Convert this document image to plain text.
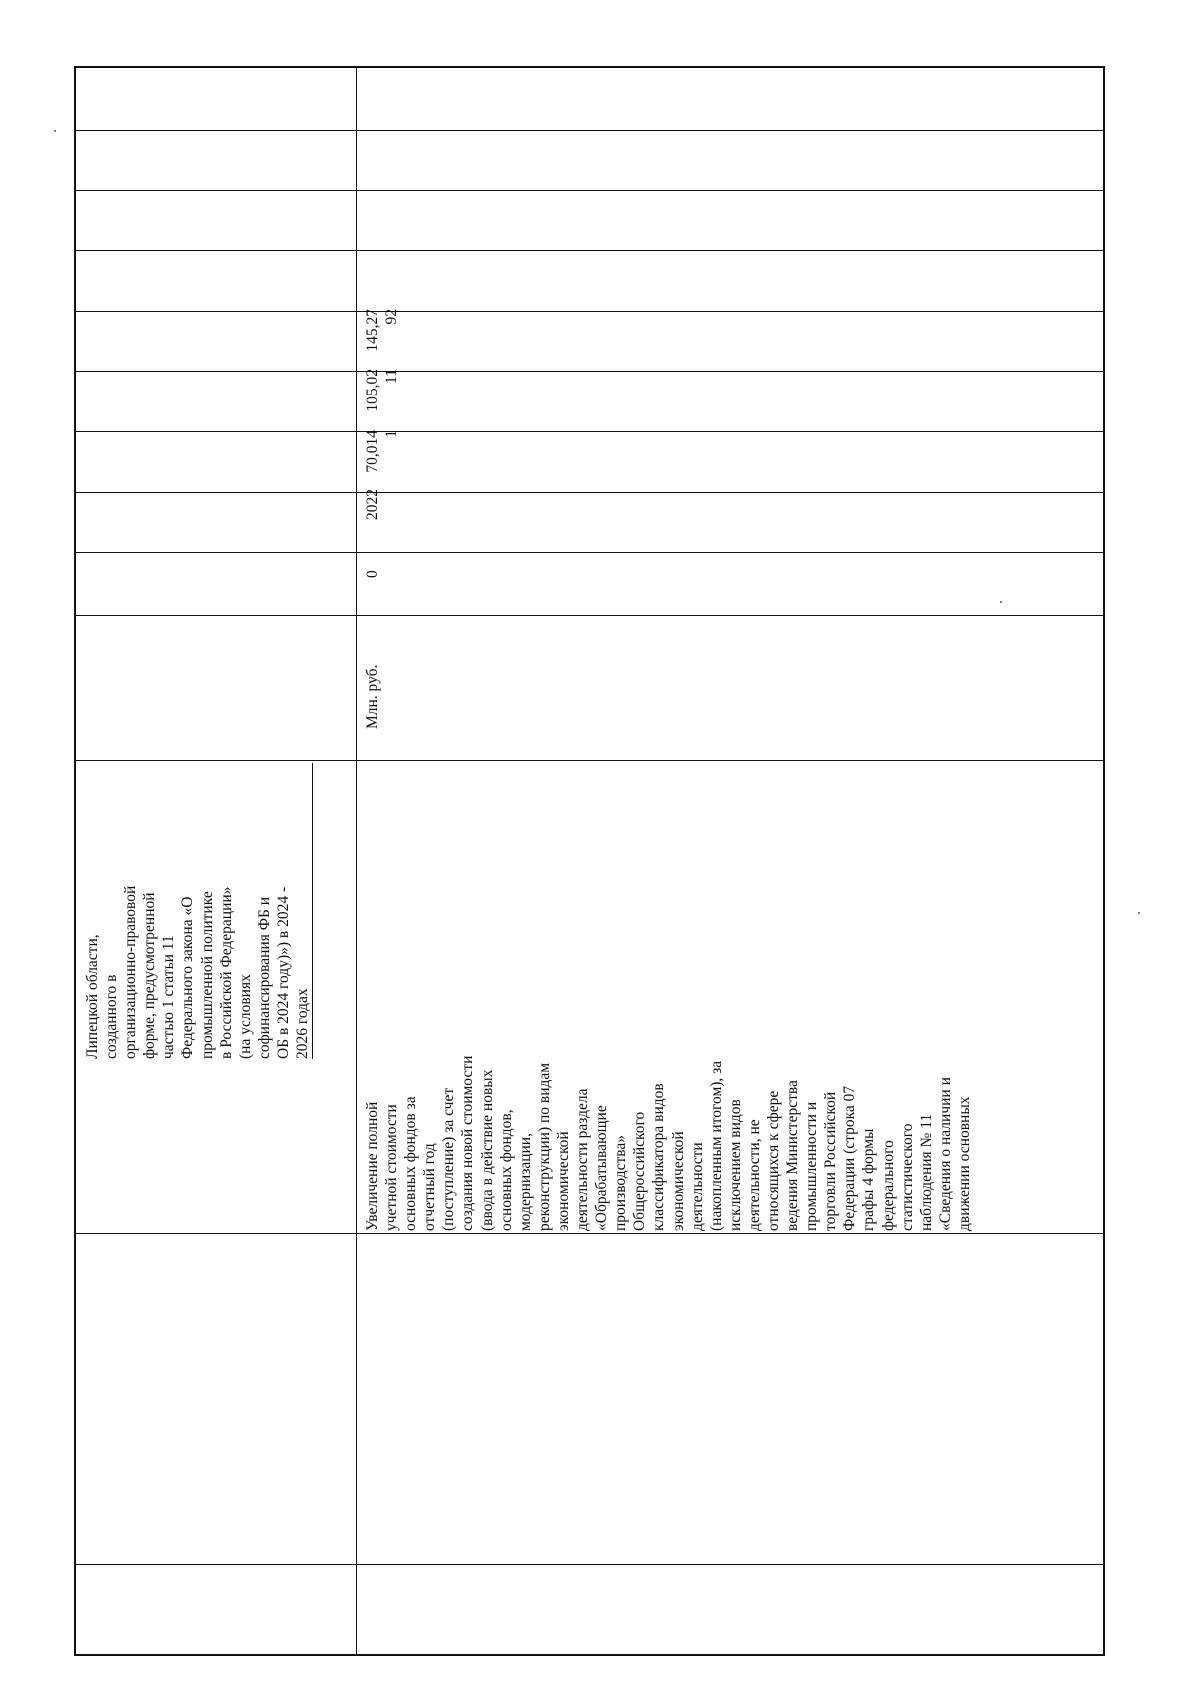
Липецкой области, созданного в организационно-правовой форме, предусмотренной частью 1 статьи 11 Федерального закона «О промышленной политике в Российской Федерации» (на условиях софинансирования ФБ и ОБ в 2024 году)») в 2024 - 2026 годах
Увеличение полной учетной стоимости основных фондов за отчетный год (поступление) за счет создания новой стоимости (ввода в действие новых основных фондов, модернизации, реконструкции) по видам экономической деятельности раздела «Обрабатывающие производства» Общероссийского классификатора видов экономической деятельности (накопленным итогом), за исключением видов деятельности, не относящихся к сфере ведения Министерства промышленности и торговли Российской Федерации (строка 07 графы 4 формы федерального статистического наблюдения № 11 «Сведения о наличии и движении основных
Млн. руб.
0
2022
70,014 1
105,02 11
145,27 92
